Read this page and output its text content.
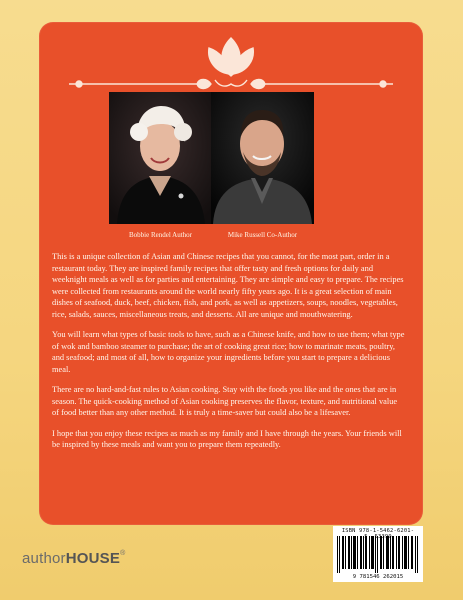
Bobbie Rendel Author	Mike Russell Co-Author

This is a unique collection of Asian and Chinese recipes that you cannot, for the most part, order in a restaurant today. They are inspired family recipes that offer tasty and fresh options for daily and weeknight meals as well as for parties and entertaining. They are simple and easy to prepare. The recipes were collected from restaurants around the world nearly fifty years ago. It is a great selection of main dishes of seafood, duck, beef, chicken, fish, and pork, as well as appetizers, soups, noodles, vegetables, rice, salads, sauces, miscellaneous treats, and desserts. All are unique and mouthwatering.

You will learn what types of basic tools to have, such as a Chinese knife, and how to use them; what type of wok and bamboo steamer to purchase; the art of cooking great rice; how to marinate meats, poultry, and seafood; and most of all, how to organize your ingredients before you start to prepare a delicious meal.

There are no hard-and-fast rules to Asian cooking. Stay with the foods you like and the ones that are in season. The quick-cooking method of Asian cooking preserves the flavor, texture, and nutritional value of food better than any other method. It is truly a time-saver but could also be a lifesaver.

I hope that you enjoy these recipes as much as my family and I have through the years. Your friends will be inspired by these meals and want you to prepare them repeatedly.

authorHOUSE®
ISBN 978-1-5462-6201-
9 781546 262015
